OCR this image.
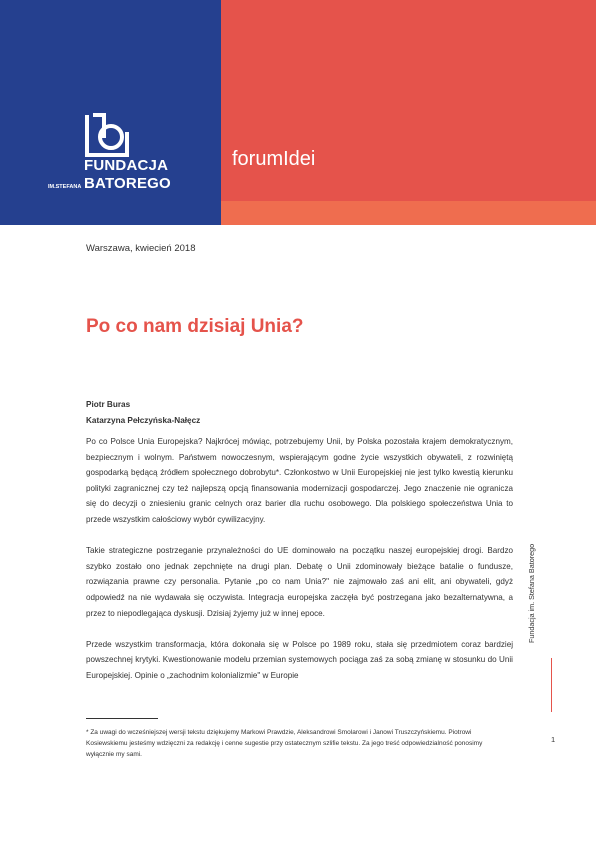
FUNDACJA
IM.STEFANA BATOREGO
forumIdei
Warszawa, kwiecień 2018
Po co nam dzisiaj Unia?
Piotr Buras
Katarzyna Pełczyńska-Nałęcz

Po co Polsce Unia Europejska? Najkrócej mówiąc, potrzebujemy Unii, by Polska pozostała krajem demokratycznym, bezpiecznym i wolnym. Państwem nowoczesnym, wspierającym godne życie wszystkich obywateli, z rozwiniętą gospodarką będącą źródłem społecznego dobrobytu*. Członkostwo w Unii Europejskiej nie jest tylko kwestią kierunku polityki zagranicznej czy też najlepszą opcją finansowania modernizacji gospodarczej. Jego znaczenie nie ogranicza się do decyzji o zniesieniu granic celnych oraz barier dla ruchu osobowego. Dla polskiego społeczeństwa Unia to przede wszystkim całościowy wybór cywilizacyjny.

Takie strategiczne postrzeganie przynależności do UE dominowało na początku naszej europejskiej drogi. Bardzo szybko zostało ono jednak zepchnięte na drugi plan. Debatę o Unii zdominowały bieżące batalie o fundusze, rozwiązania prawne czy personalia. Pytanie „po co nam Unia?" nie zajmowało zaś ani elit, ani obywateli, gdyż odpowiedź na nie wydawała się oczywista. Integracja europejska zaczęła być postrzegana jako bezalternatywna, a przez to niepodlegająca dyskusji. Dzisiaj żyjemy już w innej epoce.

Przede wszystkim transformacja, która dokonała się w Polsce po 1989 roku, stała się przedmiotem coraz bardziej powszechnej krytyki. Kwestionowanie modelu przemian systemowych pociąga zaś za sobą zmianę w stosunku do Unii Europejskiej. Opinie o „zachodnim kolonializmie" w Europie

* Za uwagi do wcześniejszej wersji tekstu dziękujemy Markowi Prawdzie, Aleksandrowi Smolarowi i Janowi Truszczyńskiemu. Piotrowi Kosiewskiemu jesteśmy wdzięczni za redakcję i cenne sugestie przy ostatecznym szlifie tekstu. Za jego treść odpowiedzialność ponosimy wyłącznie my sami.
Fundacja im. Stefana Batorego
1
